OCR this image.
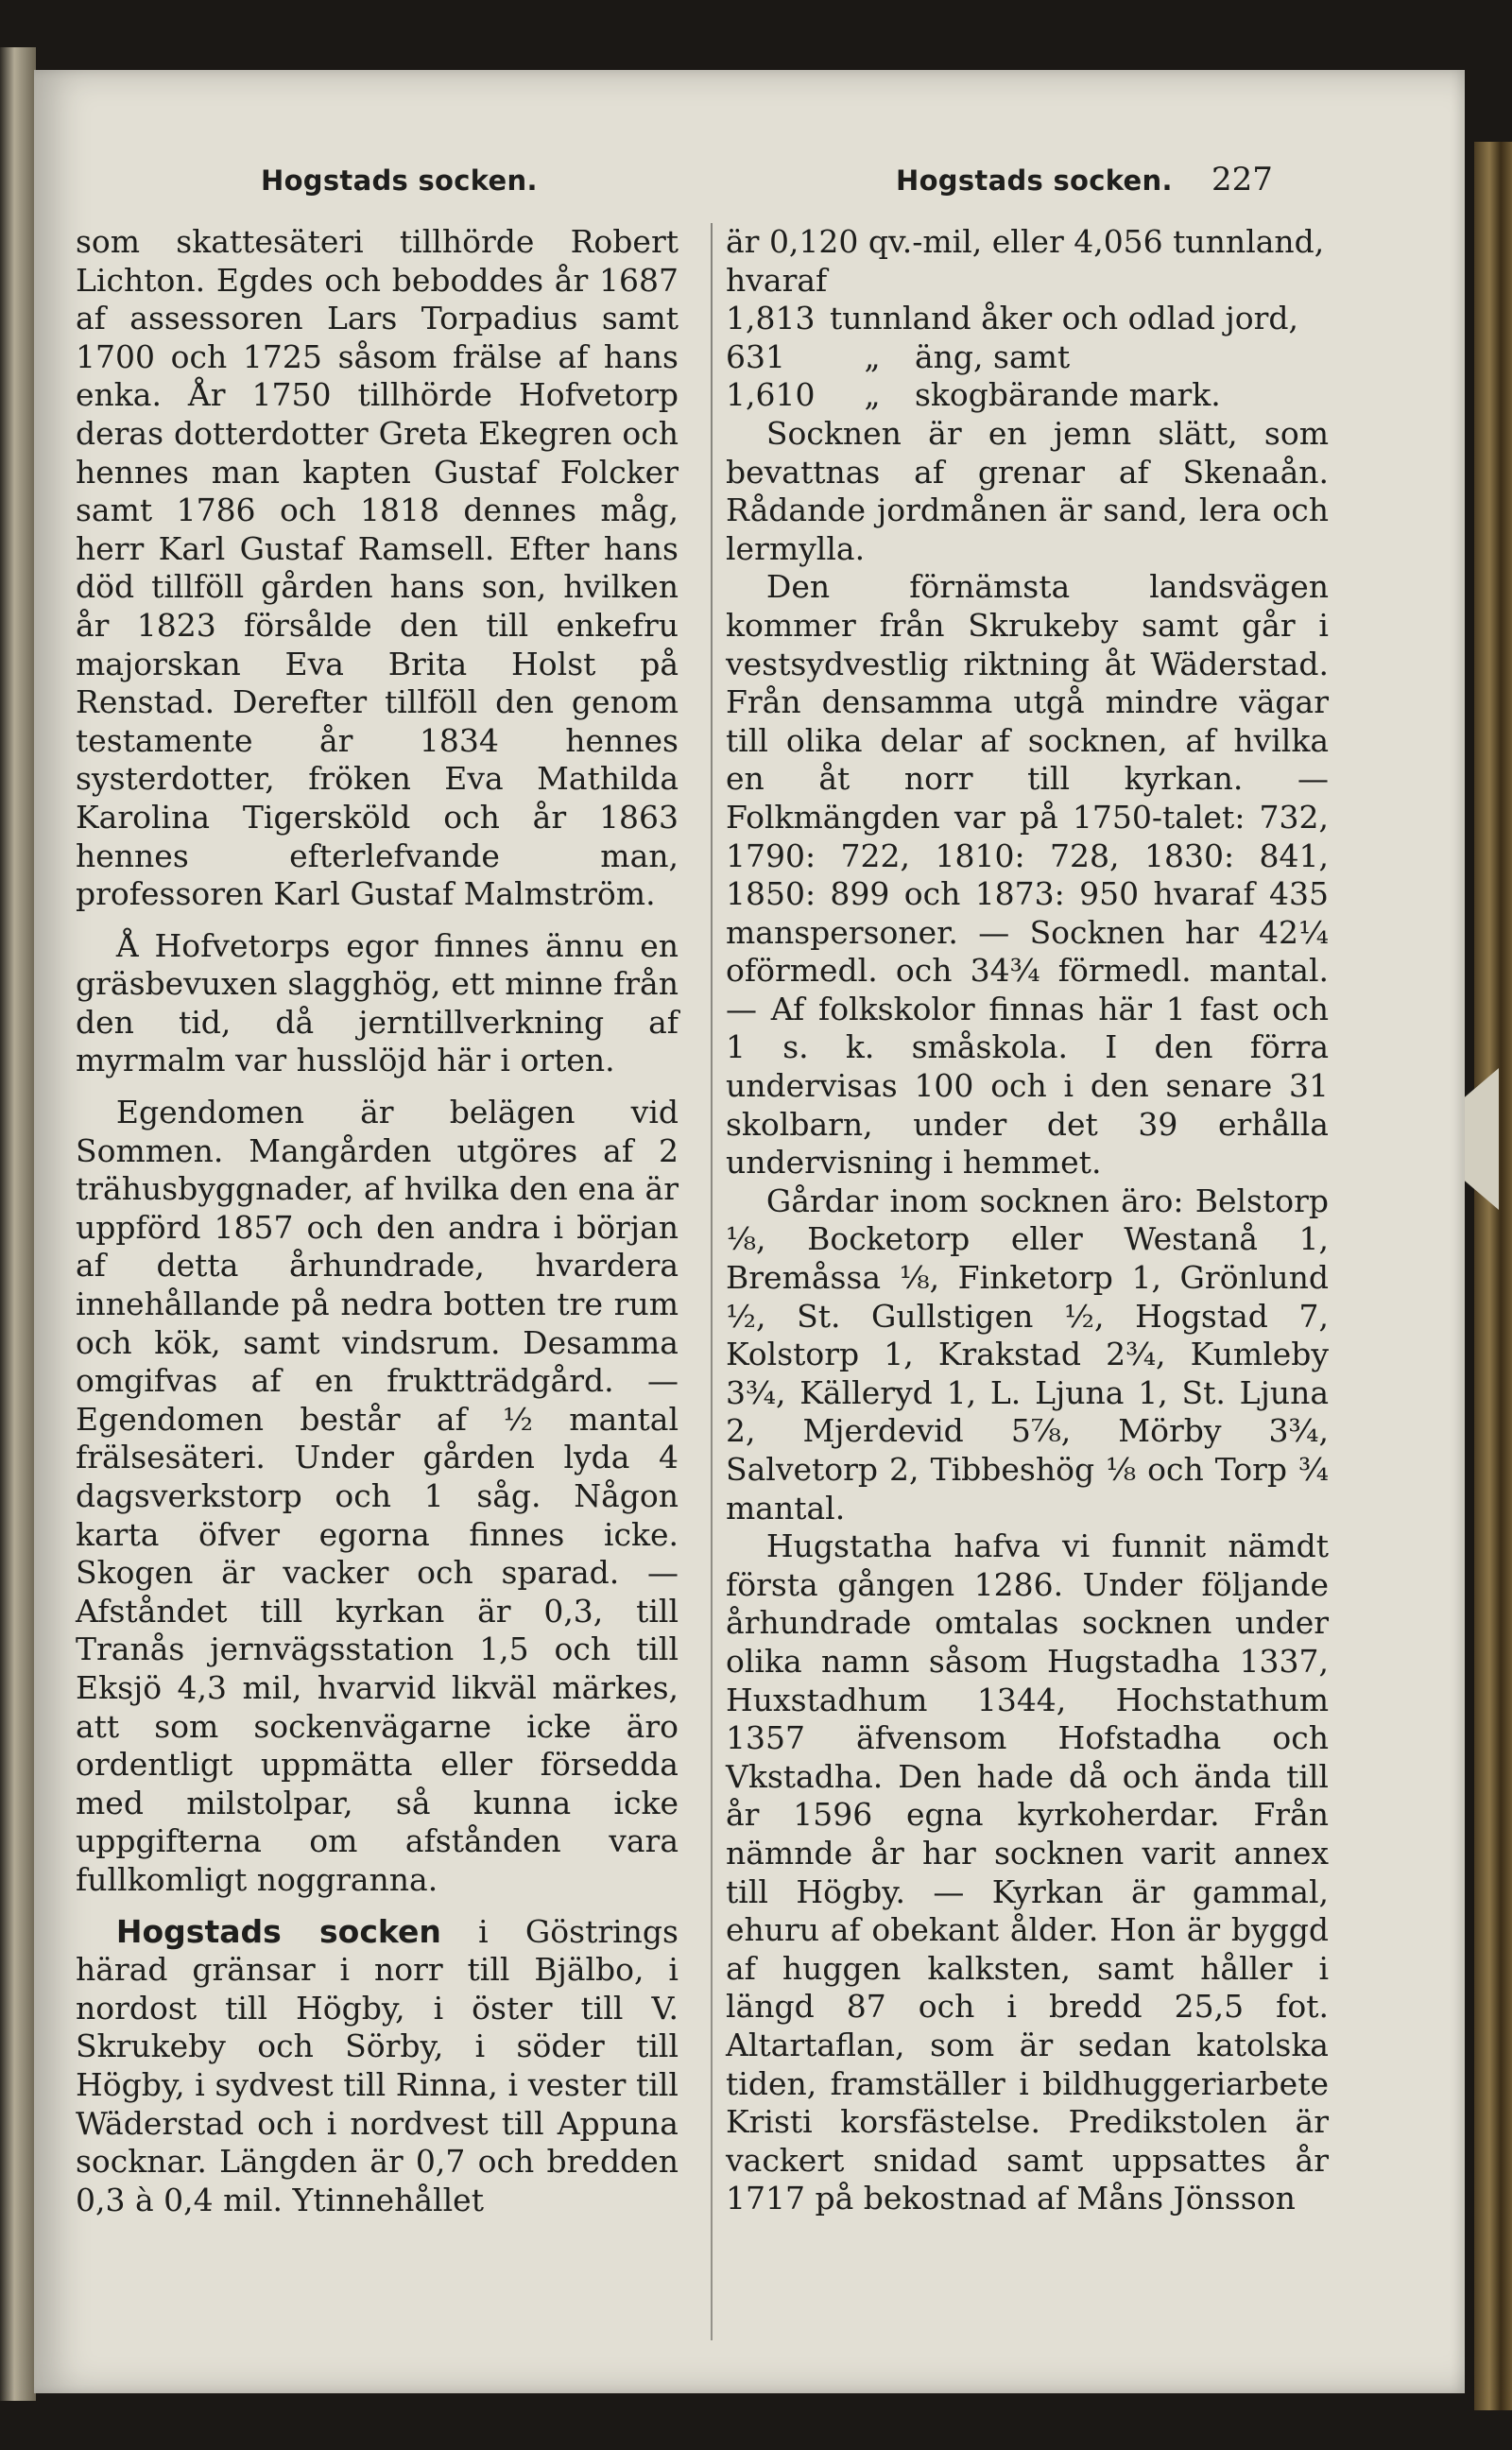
Hogstads socken.	Hogstads socken. 227

som skattesäteri tillhörde Robert Lichton. Egdes och beboddes år 1687 af assessoren Lars Torpadius samt 1700 och 1725 såsom frälse af hans enka. År 1750 tillhörde Hofvetorp deras dotterdotter Greta Ekegren och hennes man kapten Gustaf Folcker samt 1786 och 1818 dennes måg, herr Karl Gustaf Ramsell. Efter hans död tillföll gården hans son, hvilken år 1823 försålde den till enkefru majorskan Eva Brita Holst på Renstad. Derefter tillföll den genom testamente år 1834 hennes systerdotter, fröken Eva Mathilda Karolina Tigersköld och år 1863 hennes efterlefvande man, professoren Karl Gustaf Malmström.

Å Hofvetorps egor finnes ännu en gräsbevuxen slagghög, ett minne från den tid, då jerntillverkning af myrmalm var husslöjd här i orten.

Egendomen är belägen vid Sommen. Mangården utgöres af 2 trähusbyggnader, af hvilka den ena är uppförd 1857 och den andra i början af detta århundrade, hvardera innehållande på nedra botten tre rum och kök, samt vindsrum. Desamma omgifvas af en fruktträdgård. — Egendomen består af ½ mantal frälsesäteri. Under gården lyda 4 dagsverkstorp och 1 såg. Någon karta öfver egorna finnes icke. Skogen är vacker och sparad. — Afståndet till kyrkan är 0,3, till Tranås jernvägsstation 1,5 och till Eksjö 4,3 mil, hvarvid likväl märkes, att som sockenvägarne icke äro ordentligt uppmätta eller försedda med milstolpar, så kunna icke uppgifterna om afstånden vara fullkomligt noggranna.

Hogstads socken i Göstrings härad gränsar i norr till Bjälbo, i nordost till Högby, i öster till V. Skrukeby och Sörby, i söder till Högby, i sydvest till Rinna, i vester till Wäderstad och i nordvest till Appuna socknar. Längden är 0,7 och bredden 0,3 à 0,4 mil. Ytinnehållet

är 0,120 qv.-mil, eller 4,056 tunnland, hvaraf

1,813	tunnland åker och odlad jord,	
631	„	äng, samt
1,610	„	skogbärande mark.

Socknen är en jemn slätt, som bevattnas af grenar af Skenaån. Rådande jordmånen är sand, lera och lermylla.

Den förnämsta landsvägen kommer från Skrukeby samt går i vestsydvestlig riktning åt Wäderstad. Från densamma utgå mindre vägar till olika delar af socknen, af hvilka en åt norr till kyrkan. — Folkmängden var på 1750-talet: 732, 1790: 722, 1810: 728, 1830: 841, 1850: 899 och 1873: 950 hvaraf 435 manspersoner. — Socknen har 42¼ oförmedl. och 34¾ förmedl. mantal. — Af folkskolor finnas här 1 fast och 1 s. k. småskola. I den förra undervisas 100 och i den senare 31 skolbarn, under det 39 erhålla undervisning i hemmet.

Gårdar inom socknen äro: Belstorp ⅛, Bocketorp eller Westanå 1, Bremåssa ⅛, Finketorp 1, Grönlund ½, St. Gullstigen ½, Hogstad 7, Kolstorp 1, Krakstad 2¾, Kumleby 3¾, Källeryd 1, L. Ljuna 1, St. Ljuna 2, Mjerdevid 5⅞, Mörby 3¾, Salvetorp 2, Tibbeshög ⅛ och Torp ¾ mantal.

Hugstatha hafva vi funnit nämdt första gången 1286. Under följande århundrade omtalas socknen under olika namn såsom Hugstadha 1337, Huxstadhum 1344, Hochstathum 1357 äfvensom Hofstadha och Vkstadha. Den hade då och ända till år 1596 egna kyrkoherdar. Från nämnde år har socknen varit annex till Högby. — Kyrkan är gammal, ehuru af obekant ålder. Hon är byggd af huggen kalksten, samt håller i längd 87 och i bredd 25,5 fot. Altartaflan, som är sedan katolska tiden, framställer i bildhuggeriarbete Kristi korsfästelse. Predikstolen är vackert snidad samt uppsattes år 1717 på bekostnad af Måns Jönsson
